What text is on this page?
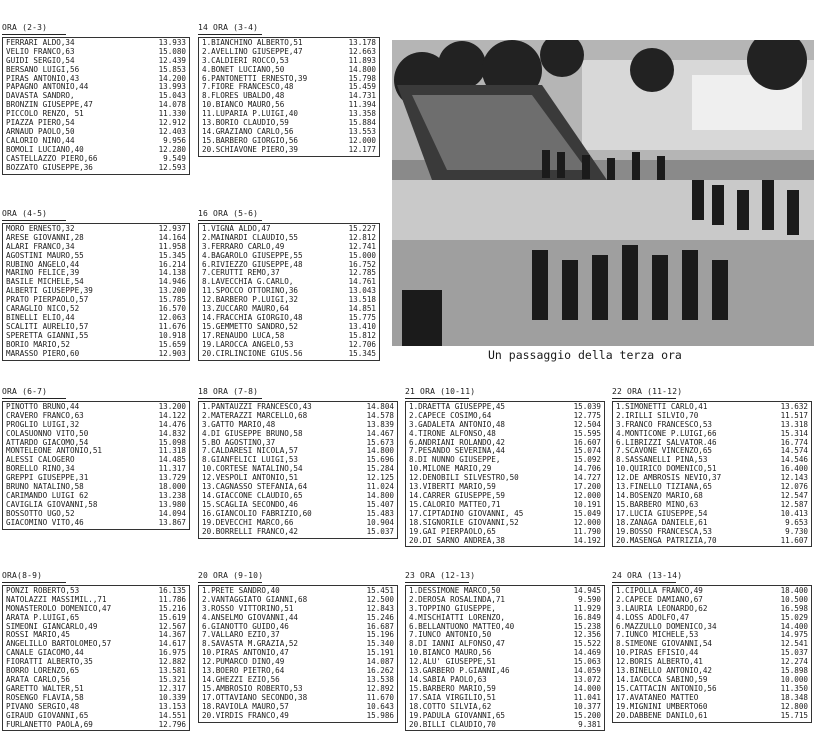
ORA (2-3)
FERRARI ALDO,34	13.933
VELIO FRANCO,63	15.080
GUIDI SERGIO,54	12.439
BERSANO LUIGI,56	15.853
PIRAS ANTONIO,43	14.200
PAPAGNO ANTONIO,44	13.993
DAVASTA SANDRO,	15.043
BRONZIN GIUSEPPE,47	14.078
PICCOLO RENZO, 51	11.330
PIAZZA PIERO,54	12.912
ARNAUD PAOLO,50	12.403
CALORIO NINO,44	9.956
BOMOLI LUCIANO,40	12.280
CASTELLAZZO PIERO,66	9.549
BOZZATO GIUSEPPE,36	12.593
14 ORA (3-4)
1.BIANCHINO ALBERTO,51	13.178
2.AVELLINO GIUSEPPE,47	12.663
3.CALDIERI ROCCO,53	11.893
4.BONET LUCIANO,50	14.800
6.PANTONETTI ERNESTO,39	15.798
7.FIORE FRANCESCO,48	15.459
8.FLORES UBALDO,48	14.731
10.BIANCO MAURO,56	11.394
11.LUPARIA P.LUIGI,40	13.358
13.BORIO CLAUDIO,59	15.884
14.GRAZIANO CARLO,56	13.553
15.BARBERO GIORGIO,56	12.000
20.SCHIAVONE PIERO,39	12.177
ORA (4-5)
MORO ERNESTO,32	12.937
ARESE GIOVANNI,28	14.164
ALARI FRANCO,34	11.958
AGOSTINI MAURO,55	15.345
RUBINO ANGELO,44	16.214
MARINO FELICE,39	14.138
BASILE MICHELE,54	14.946
ALBERTI GIUSEPPE,39	13.200
PRATO PIERPAOLO,57	15.785
CARAGLIO NICO,52	16.570
BINELLI ELIO,44	12.063
SCALITI AURELIO,57	11.676
SPERETTA GIANNI,55	10.918
BORIO MARIO,52	15.659
MARASSO PIERO,60	12.903
16 ORA (5-6)
1.VIGNA ALDO,47	15.227
2.MAINARDI CLAUDIO,55	12.812
3.FERRARO CARLO,49	12.741
4.BAGAROLO GIUSEPPE,55	15.000
6.RIVIEZZO GIUSEPPE,48	16.752
7.CERUTTI REMO,37	12.785
8.LAVECCHIA G.CARLO,	14.761
11.SPOCCO OTTORINO,36	13.043
12.BARBERO P.LUIGI,32	13.518
13.ZUCCARO MAURO,64	14.851
14.FRACCHIA GIORGIO,48	15.775
15.GEMMETTO SANDRO,52	13.410
17.RENAUDO LUCA,58	15.812
19.LAROCCA ANGELO,53	12.706
20.CIRLINCIONE GIUS.56	15.345
ORA (6-7)
PINOTTO BRUNO,44	13.200
CRAVERO FRANCO,63	14.122
PROGLIO LUIGI,32	14.476
COLASUONNO VITO,50	14.832
ATTARDO GIACOMO,54	15.098
MONTELEONE ANTONIO,51	11.318
ALESSI CALOGERO	14.485
BORELLO RINO,34	11.317
GREPPI GIUSEPPE,31	13.729
BRUNO NATALINO,58	18.000
CARIMANDO LUIGI 62	13.238
CAVIGLIA GIOVANNI,58	13.980
BOSSOTTO UGO,52	14.094
GIACOMINO VITO,46	13.867
18 ORA (7-8)
1.PANTAUZZI FRANCESCO,43	14.804
2.MATERAZZI MARCELLO,68	14.578
3.GATTO MARIO,48	13.839
4.DI GIUSEPPE BRUNO,58	14.467
5.BO AGOSTINO,37	15.673
7.CALDARESI NICOLA,57	14.800
8.GIANFELICI LUIGI,53	15.696
10.CORTESE NATALINO,54	15.284
12.VESPOLI ANTONIO,51	12.125
13.CAGNASSO STEFANIA,64	11.024
14.GIACCONE CLAUDIO,65	14.800
15.SCAGLIA SECONDO,46	15.407
16.GIANCOLIO FABRIZIO,60	15.483
19.DEVECCHI MARCO,66	10.904
20.BORRELLI FRANCO,42	15.037
21 ORA (10-11)
1.DRAETTA GIUSEPPE,45	15.039
2.CAPECE COSIMO,64	12.775
3.GADALETA ANTONIO,48	12.504
4.TIRONE ALFONSO,48	15.595
6.ANDRIANI ROLANDO,42	16.607
7.PESANDO SEVERINA,44	15.074
8.DI NUNNO GIUSEPPE,	15.092
10.MILONE MARIO,29	14.706
12.DENOBILI SILVESTRO,50	14.727
13.VIBERTI MARIO,59	17.200
14.CARRER GIUSEPPE,59	12.000
15.CALORIO MATTEO,71	10.191
17.CIPTADINO GIOVANNI, 45	15.049
18.SIGNORILE GIOVANNI,52	12.000
19.GAI PIERPAOLO,65	11.790
20.DI SARNO ANDREA,38	14.192
22 ORA (11-12)
1.SIMONETTI CARLO,41	13.632
2.IRILLI SILVIO,70	11.517
3.FRANCO FRANCESCO,53	13.318
4.MONTICONE P.LUIGI,66	15.314
6.LIBRIZZI SALVATOR.46	16.774
7.SCAVONE VINCENZO,65	14.574
8.SASSANELLI PINA,53	14.546
10.QUIRICO DOMENICO,51	16.400
12.DE AMBROSIS NEVIO,37	12.143
13.FINELLO TIZIANA,65	12.076
14.BOSENZO MARIO,68	12.547
15.BARBERO MINO,63	12.587
17.LUCIA GIUSEPPE,54	10.413
18.ZANAGA DANIELE,61	9.653
19.BOSSO FRANCESCA,53	9.730
20.MASENGA PATRIZIA,70	11.607
ORA(8-9)
PONZI ROBERTO,53	16.135
NATOLAZZI MASSIMIL.,71	11.786
MONASTEROLO DOMENICO,47	15.216
ARATA P.LUIGI,65	15.619
SIMEONI GIANCARLO,49	12.567
ROSSI MARIO,45	14.367
ANGELILLO BARTOLOMEO,57	14.617
CANALE GIACOMO,44	16.975
FIORATTI ALBERTO,35	12.882
BORRO LORENZO,65	13.581
ARATA CARLO,56	15.321
GARETTO WALTER,51	12.317
ROSENGO FLAVIA,58	10.339
PIVANO SERGIO,48	13.153
GIRAUD GIOVANNI,65	14.551
FURLANETTO PAOLA,69	12.796
20 ORA (9-10)
1.PRETE SANDRO,40	15.451
2.VANTAGGIATO GIANNI,68	12.500
3.ROSSO VITTORINO,51	12.843
4.ANSELMO GIOVANNI,44	15.246
6.GIANOTTO GUIDO,46	16.687
7.VALLARO EZIO,37	15.196
8.SAVASTA M.GRAZIA,52	15.340
10.PIRAS ANTONIO,47	15.191
12.PUMARCO DINO,49	14.087
13.BOERO PIETRO,64	16.262
14.GHEZZI EZIO,56	13.538
15.AMBROSIO ROBERTO,53	12.892
17.OTTAVIANO SECONDO,38	11.670
18.RAVIOLA MAURO,57	10.643
20.VIRDIS FRANCO,49	15.986
23 ORA (12-13)
1.DESSIMONE MARCO,50	14.945
2.DEROSA ROSALINDA,71	9.590
3.TOPPINO GIUSEPPE,	11.929
4.MISCHIATTI LORENZO,	16.849
6.BELLANTUONO MATTEO,40	15.238
7.IUNCO ANTONIO,50	12.356
8.DI IANNI ALFONSO,47	15.522
10.BIANCO MAURO,56	14.469
12.ALU' GIUSEPPE,51	15.063
13.GARBERO P.GIANNI,46	14.059
14.SABIA PAOLO,63	13.072
15.BARBERO MARIO,59	14.000
17.SAIA VIRGILIO,51	11.041
18.COTTO SILVIA,62	10.377
19.PADULA GIOVANNI,65	15.200
20.BILLI CLAUDIO,70	9.381
24 ORA (13-14)
1.CIPOLLA FRANCO,49	18.400
2.CAPECE DAMIANO,67	10.500
3.LAURIA LEONARDO,62	16.598
4.LOSS ADOLFO,47	15.029
6.MAZZULLO DOMENICO,34	14.400
7.IUNCO MICHELE,53	14.975
8.SIMEONE GIOVANNI,54	12.541
10.PIRAS EFISIO,44	15.037
12.BORIS ALBERTO,41	12.274
13.BINELLO ANTONIO,42	15.898
14.IACOCCA SABINO,59	10.000
15.CATTACIN ANTONIO,56	11.350
17.AVATANEO MATTEO	18.348
19.MIGNINI UMBERTO60	12.800
20.DABBENE DANILO,61	15.715
Un passaggio della terza ora
